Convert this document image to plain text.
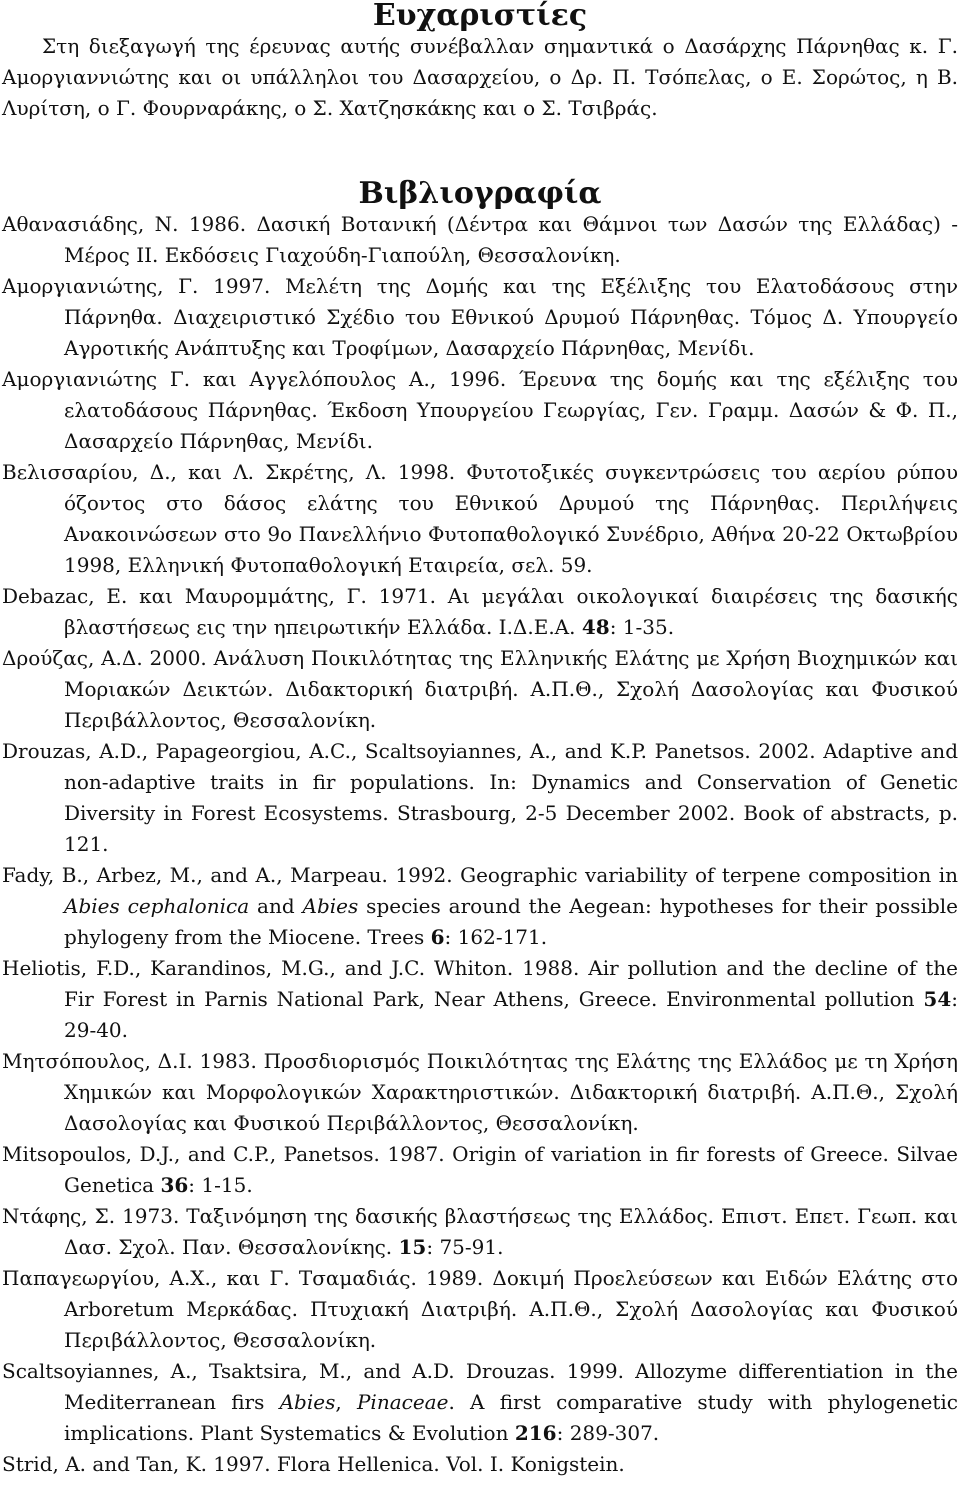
Ευχαριστίες

Στη διεξαγωγή της έρευνας αυτής συνέβαλλαν σημαντικά ο Δασάρχης Πάρνηθας κ. Γ. Αμοργιαννιώτης και οι υπάλληλοι του Δασαρχείου, ο Δρ. Π. Τσόπελας, ο Ε. Σορώτος, η Β. Λυρίτση, ο Γ. Φουρναράκης, ο Σ. Χατζησκάκης και ο Σ. Τσιβράς.

Βιβλιογραφία
Αθανασιάδης, Ν. 1986. Δασική Βοτανική (Δέντρα και Θάμνοι των Δασών της Ελλάδας) - Μέρος ΙΙ. Εκδόσεις Γιαχούδη-Γιαπούλη, Θεσσαλονίκη.
Αμοργιανιώτης, Γ. 1997. Μελέτη της Δομής και της Εξέλιξης του Ελατοδάσους στην Πάρνηθα. Διαχειριστικό Σχέδιο του Εθνικού Δρυμού Πάρνηθας. Τόμος Δ. Υπουργείο Αγροτικής Ανάπτυξης και Τροφίμων, Δασαρχείο Πάρνηθας, Μενίδι.
Αμοργιανιώτης Γ. και Αγγελόπουλος Α., 1996. Έρευνα της δομής και της εξέλιξης του ελατοδάσους Πάρνηθας. Έκδοση Υπουργείου Γεωργίας, Γεν. Γραμμ. Δασών & Φ. Π., Δασαρχείο Πάρνηθας, Μενίδι.
Βελισσαρίου, Δ., και Λ. Σκρέτης, Λ. 1998. Φυτοτοξικές συγκεντρώσεις του αερίου ρύπου όζοντος στο δάσος ελάτης του Εθνικού Δρυμού της Πάρνηθας. Περιλήψεις Ανακοινώσεων στο 9ο Πανελλήνιο Φυτοπαθολογικό Συνέδριο, Αθήνα 20-22 Οκτωβρίου 1998, Ελληνική Φυτοπαθολογική Εταιρεία, σελ. 59.
Debazac, E. και Μαυρομμάτης, Γ. 1971. Αι μεγάλαι οικολογικαί διαιρέσεις της δασικής βλαστήσεως εις την ηπειρωτικήν Ελλάδα. Ι.Δ.Ε.Α. 48: 1-35.
Δρούζας, Α.Δ. 2000. Ανάλυση Ποικιλότητας της Ελληνικής Ελάτης με Χρήση Βιοχημικών και Μοριακών Δεικτών. Διδακτορική διατριβή. Α.Π.Θ., Σχολή Δασολογίας και Φυσικού Περιβάλλοντος, Θεσσαλονίκη.
Drouzas, A.D., Papageorgiou, A.C., Scaltsoyiannes, A., and K.P. Panetsos. 2002. Adaptive and non-adaptive traits in fir populations. In: Dynamics and Conservation of Genetic Diversity in Forest Ecosystems. Strasbourg, 2-5 December 2002. Book of abstracts, p. 121.
Fady, B., Arbez, M., and A., Marpeau. 1992. Geographic variability of terpene composition in Abies cephalonica and Abies species around the Aegean: hypotheses for their possible phylogeny from the Miocene. Trees 6: 162-171.
Heliotis, F.D., Karandinos, M.G., and J.C. Whiton. 1988. Air pollution and the decline of the Fir Forest in Parnis National Park, Near Athens, Greece. Environmental pollution 54: 29-40.
Μητσόπουλος, Δ.Ι. 1983. Προσδιορισμός Ποικιλότητας της Ελάτης της Ελλάδος με τη Χρήση Χημικών και Μορφολογικών Χαρακτηριστικών. Διδακτορική διατριβή. Α.Π.Θ., Σχολή Δασολογίας και Φυσικού Περιβάλλοντος, Θεσσαλονίκη.
Mitsopoulos, D.J., and C.P., Panetsos. 1987. Origin of variation in fir forests of Greece. Silvae Genetica 36: 1-15.
Ντάφης, Σ. 1973. Ταξινόμηση της δασικής βλαστήσεως της Ελλάδος. Επιστ. Επετ. Γεωπ. και Δασ. Σχολ. Παν. Θεσσαλονίκης. 15: 75-91.
Παπαγεωργίου, Α.Χ., και Γ. Τσαμαδιάς. 1989. Δοκιμή Προελεύσεων και Ειδών Ελάτης στο Arboretum Μερκάδας. Πτυχιακή Διατριβή. Α.Π.Θ., Σχολή Δασολογίας και Φυσικού Περιβάλλοντος, Θεσσαλονίκη.
Scaltsoyiannes, A., Tsaktsira, M., and A.D. Drouzas. 1999. Allozyme differentiation in the Mediterranean firs Abies, Pinaceae. A first comparative study with phylogenetic implications. Plant Systematics & Evolution 216: 289-307.
Strid, A. and Tan, K. 1997. Flora Hellenica. Vol. I. Konigstein.
